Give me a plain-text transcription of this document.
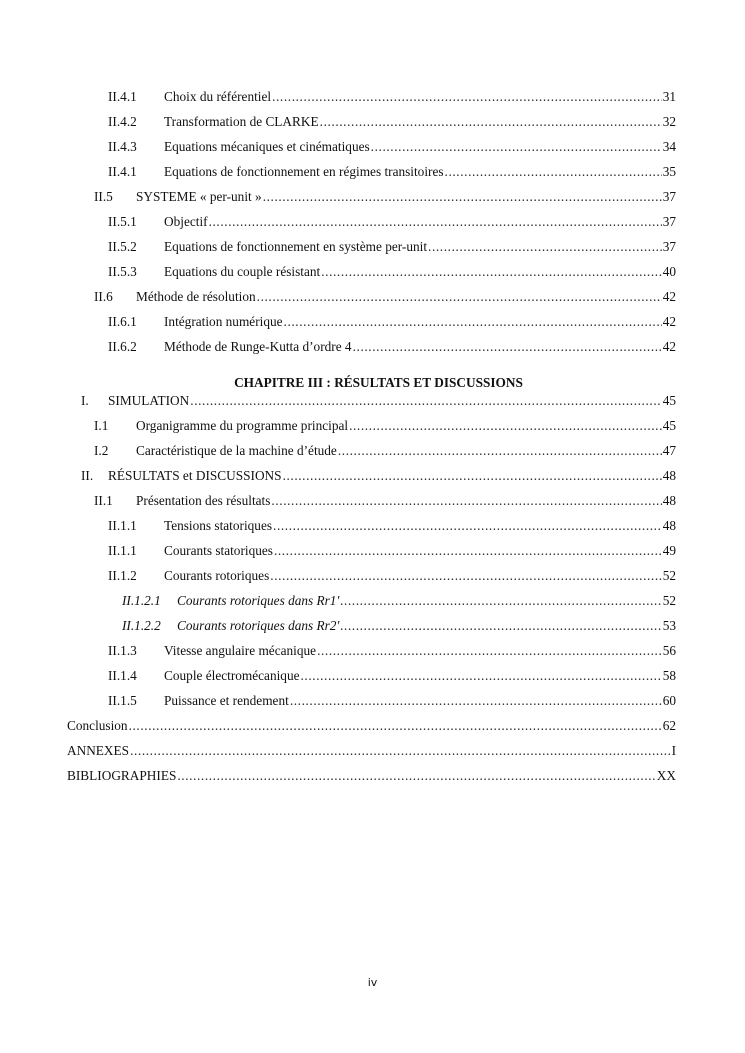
II.4.1	Choix du référentiel .....	31
II.4.2	Transformation de CLARKE .....	32
II.4.3	Equations mécaniques et cinématiques .....	34
II.4.1	Equations de fonctionnement en régimes transitoires .....	35
II.5	SYSTEME « per-unit » .....	37
II.5.1	Objectif .....	37
II.5.2	Equations de fonctionnement en système per-unit .....	37
II.5.3	Equations du couple résistant .....	40
II.6	Méthode de résolution .....	42
II.6.1	Intégration numérique .....	42
II.6.2	Méthode de Runge-Kutta d’ordre 4 .....	42
CHAPITRE III : RÉSULTATS ET DISCUSSIONS
I.	SIMULATION .....	45
I.1	Organigramme du programme principal .....	45
I.2	Caractéristique de la machine d’étude .....	47
II.	RÉSULTATS et DISCUSSIONS .....	48
II.1	Présentation des résultats .....	48
II.1.1	Tensions statoriques .....	48
II.1.1	Courants statoriques .....	49
II.1.2	Courants rotoriques .....	52
II.1.2.1	Courants rotoriques dans Rr1′ .....	52
II.1.2.2	Courants rotoriques dans Rr2′ .....	53
II.1.3	Vitesse angulaire mécanique .....	56
II.1.4	Couple électromécanique .....	58
II.1.5	Puissance et rendement .....	60
Conclusion .....	62
ANNEXES .....	I
BIBLIOGRAPHIES .....	XX
iv
